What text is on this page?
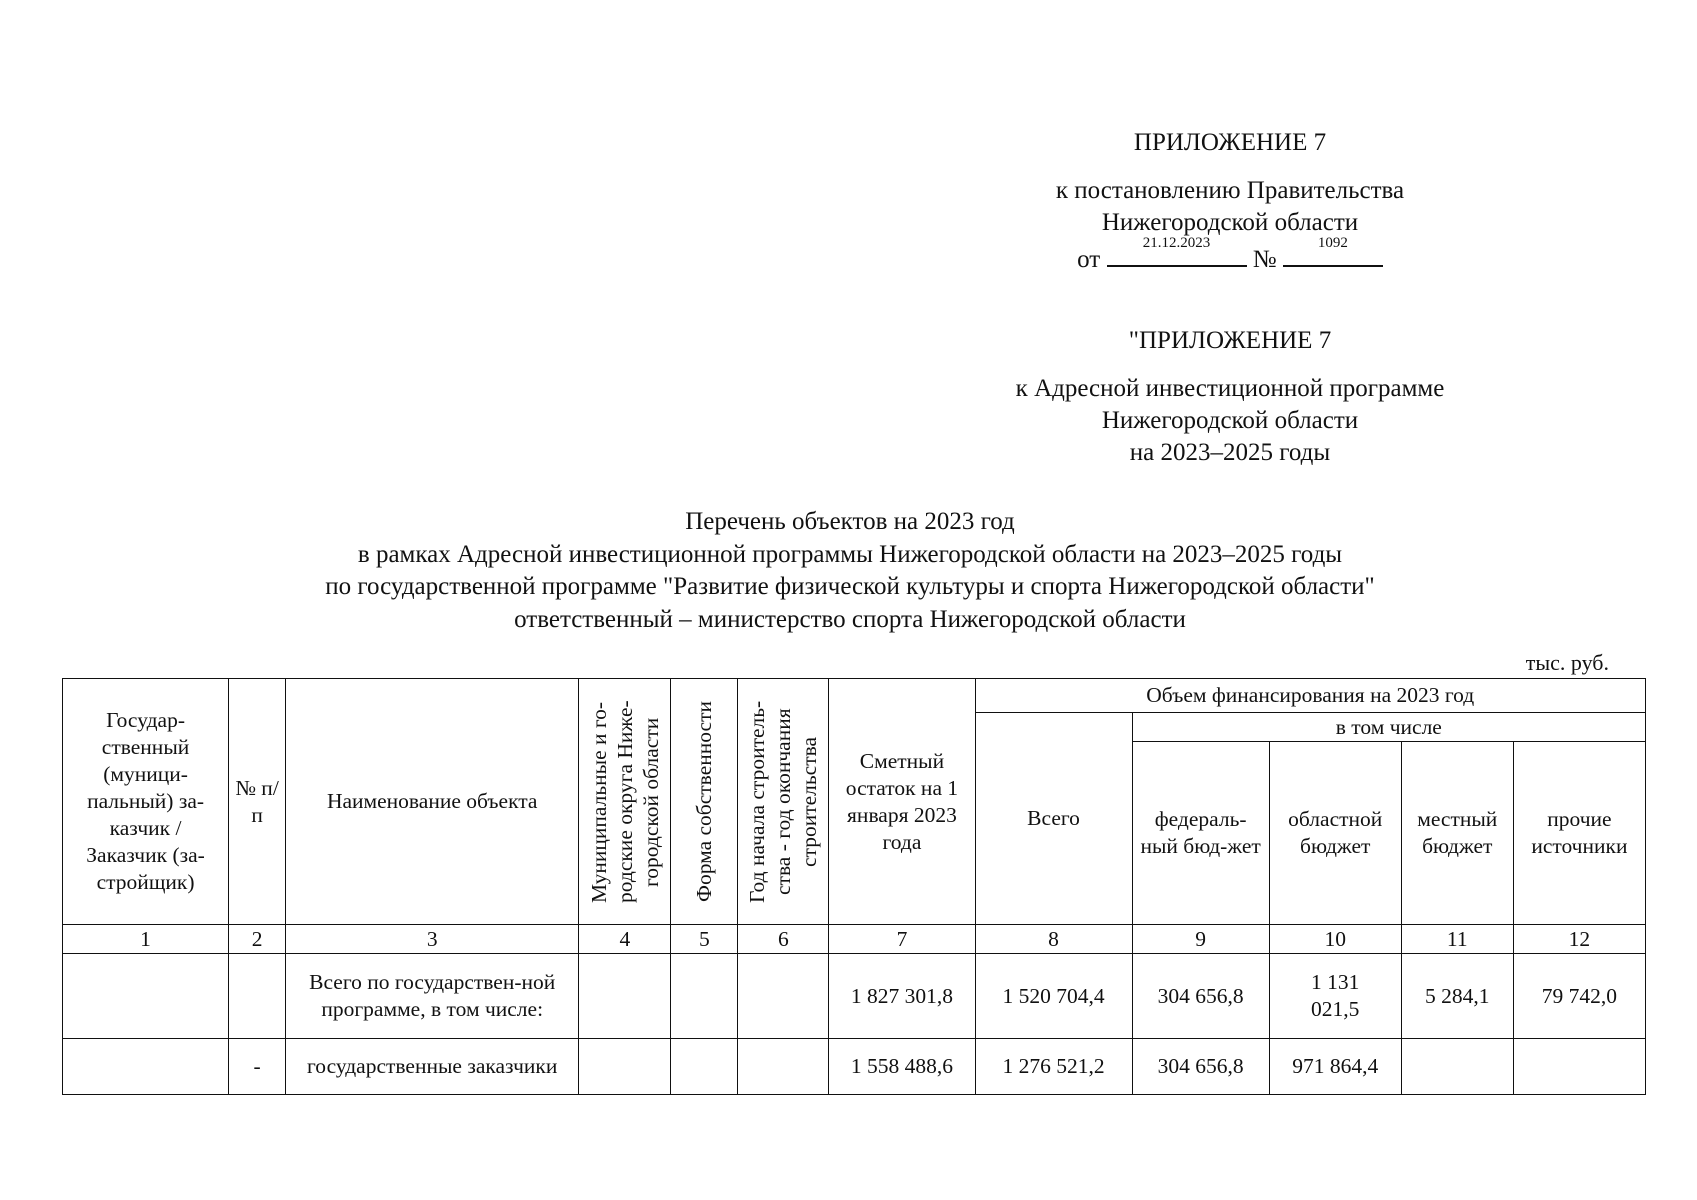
ПРИЛОЖЕНИЕ 7
к постановлению Правительства
Нижегородской области
от
21.12.2023
№
1092
"ПРИЛОЖЕНИЕ 7
к Адресной инвестиционной программе
Нижегородской области
на 2023–2025 годы
Перечень объектов на 2023 год
в рамках Адресной инвестиционной программы Нижегородской области на 2023–2025 годы
по государственной программе "Развитие физической культуры и спорта Нижегородской области"
ответственный – министерство спорта Нижегородской области
тыс. руб.
Государ-ственный (муници-пальный) за-казчик / Заказчик (за-стройщик)	№ п/п	Наименование объекта	Муниципальные и го-родские округа Ниже-городской области	Форма собственности	Год начала строитель-ства - год окончания строительства	Сметный остаток на 1 января 2023 года	Объем финансирования на 2023 год				
							Всего	в том числе			
								федераль-ный бюд-жет	областной бюджет	местный бюджет	прочие источники
1	2	3	4	5	6	7	8	9	10	11	12
		Всего по государствен-ной программе, в том числе:				1 827 301,8	1 520 704,4	304 656,8	1 131 021,5	5 284,1	79 742,0
	-	государственные заказчики				1 558 488,6	1 276 521,2	304 656,8	971 864,4		
